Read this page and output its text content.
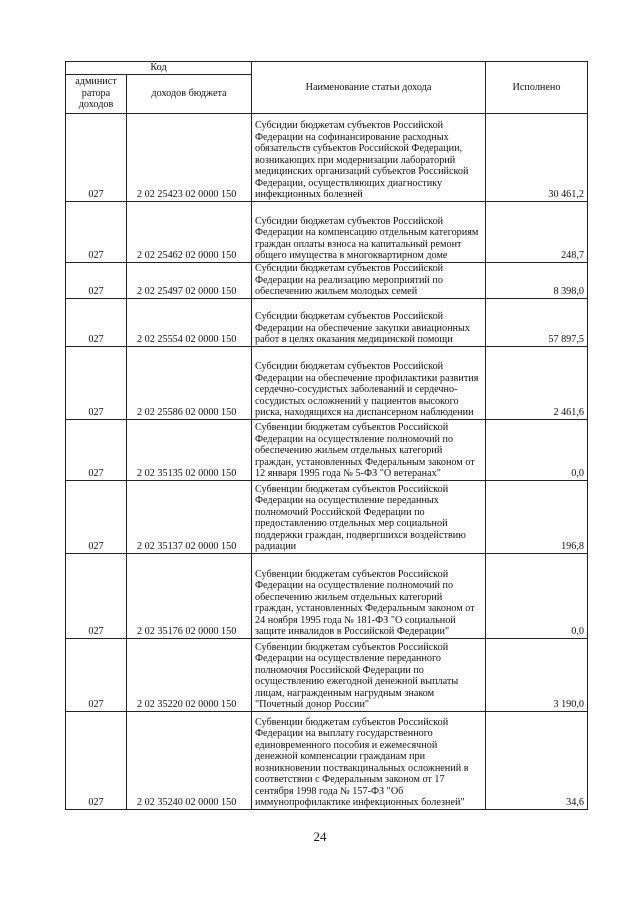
Код		Наименование статьи дохода	Исполнено
админист ратора доходов	доходов бюджета		
027	2 02 25423 02 0000 150	Субсидии бюджетам субъектов Российской Федерации на софинансирование расходных обязательств субъектов Российской Федерации, возникающих при модернизации лабораторий медицинских организаций субъектов Российской Федерации, осуществляющих диагностику инфекционных болезней	30 461,2
027	2 02 25462 02 0000 150	Субсидии бюджетам субъектов Российской Федерации на компенсацию отдельным категориям граждан оплаты взноса на капитальный ремонт общего имущества в многоквартирном доме	248,7
027	2 02 25497 02 0000 150	Субсидии бюджетам субъектов Российской Федерации на реализацию мероприятий по обеспечению жильем молодых семей	8 398,0
027	2 02 25554 02 0000 150	Субсидии бюджетам субъектов Российской Федерации на обеспечение закупки авиационных работ в целях оказания медицинской помощи	57 897,5
027	2 02 25586 02 0000 150	Субсидии бюджетам субъектов Российской Федерации на обеспечение профилактики развития сердечно-сосудистых заболеваний и сердечно-сосудистых осложнений у пациентов высокого риска, находящихся на диспансерном наблюдении	2 461,6
027	2 02 35135 02 0000 150	Субвенции бюджетам субъектов Российской Федерации на осуществление полномочий по обеспечению жильем отдельных категорий граждан, установленных Федеральным законом от 12 января 1995 года № 5-ФЗ "О ветеранах"	0,0
027	2 02 35137 02 0000 150	Субвенции бюджетам субъектов Российской Федерации на осуществление переданных полномочий Российской Федерации по предоставлению отдельных мер социальной поддержки граждан, подвергшихся воздействию радиации	196,8
027	2 02 35176 02 0000 150	Субвенции бюджетам субъектов Российской Федерации на осуществление полномочий по обеспечению жильем отдельных категорий граждан, установленных Федеральным законом от 24 ноября 1995 года № 181-ФЗ "О социальной защите инвалидов в Российской Федерации"	0,0
027	2 02 35220 02 0000 150	Субвенции бюджетам субъектов Российской Федерации на осуществление переданного полномочия Российской Федерации по осуществлению ежегодной денежной выплаты лицам, награжденным нагрудным знаком "Почетный донор России"	3 190,0
027	2 02 35240 02 0000 150	Субвенции бюджетам субъектов Российской Федерации на выплату государственного единовременного пособия и ежемесячной денежной компенсации гражданам при возникновении поствакцинальных осложнений в соответствии с Федеральным законом от 17 сентября 1998 года № 157-ФЗ "Об иммунопрофилактике инфекционных болезней"	34,6
24
